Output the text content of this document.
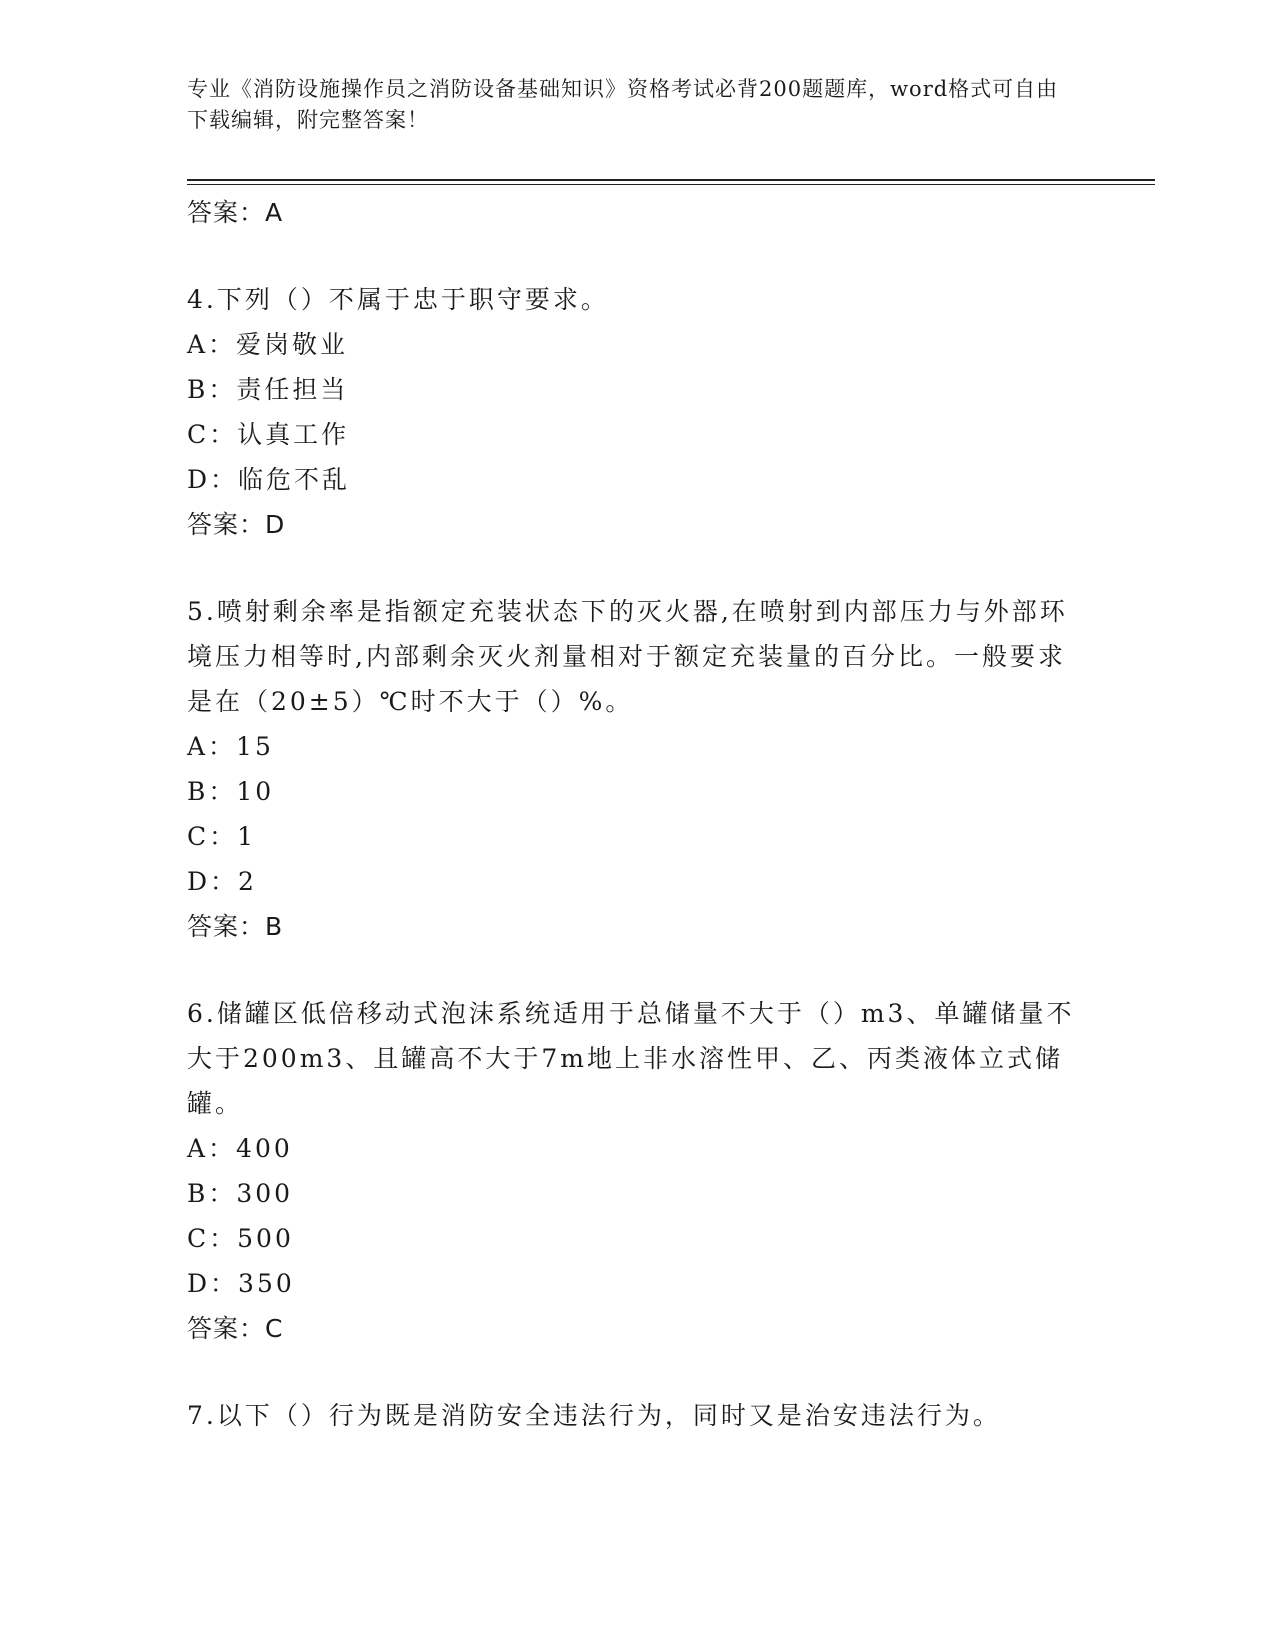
专业《消防设施操作员之消防设备基础知识》资格考试必背200题题库，word格式可自由下载编辑，附完整答案！
答案：A
4.下列（）不属于忠于职守要求。
A：爱岗敬业
B：责任担当
C：认真工作
D：临危不乱
答案：D
5.喷射剩余率是指额定充装状态下的灭火器,在喷射到内部压力与外部环境压力相等时,内部剩余灭火剂量相对于额定充装量的百分比。一般要求是在（20±5）℃时不大于（）%。
A：15
B：10
C：1
D：2
答案：B
6.储罐区低倍移动式泡沫系统适用于总储量不大于（）m3、单罐储量不大于200m3、且罐高不大于7m地上非水溶性甲、乙、丙类液体立式储罐。
A：400
B：300
C：500
D：350
答案：C
7.以下（）行为既是消防安全违法行为，同时又是治安违法行为。
